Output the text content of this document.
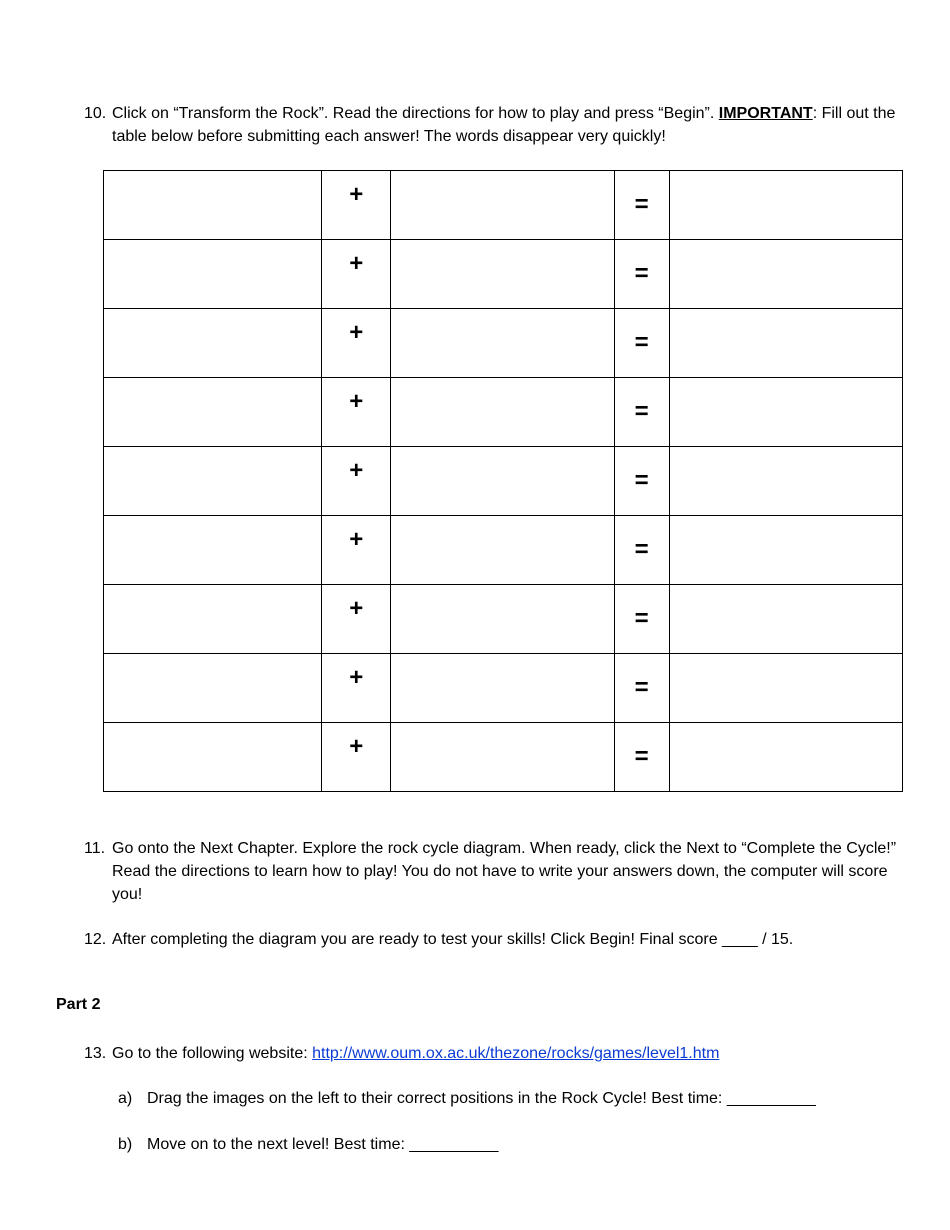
10. Click on “Transform the Rock”. Read the directions for how to play and press “Begin”. IMPORTANT: Fill out the table below before submitting each answer! The words disappear very quickly!
	+		=	
	+		=	
	+		=	
	+		=	
	+		=	
	+		=	
	+		=	
	+		=	
	+		=	
11. Go onto the Next Chapter. Explore the rock cycle diagram. When ready, click the Next to “Complete the Cycle!” Read the directions to learn how to play! You do not have to write your answers down, the computer will score you!
12. After completing the diagram you are ready to test your skills! Click Begin! Final score ____ / 15.
Part 2
13. Go to the following website: http://www.oum.ox.ac.uk/thezone/rocks/games/level1.htm
a) Drag the images on the left to their correct positions in the Rock Cycle! Best time: __________
b) Move on to the next level! Best time: __________
